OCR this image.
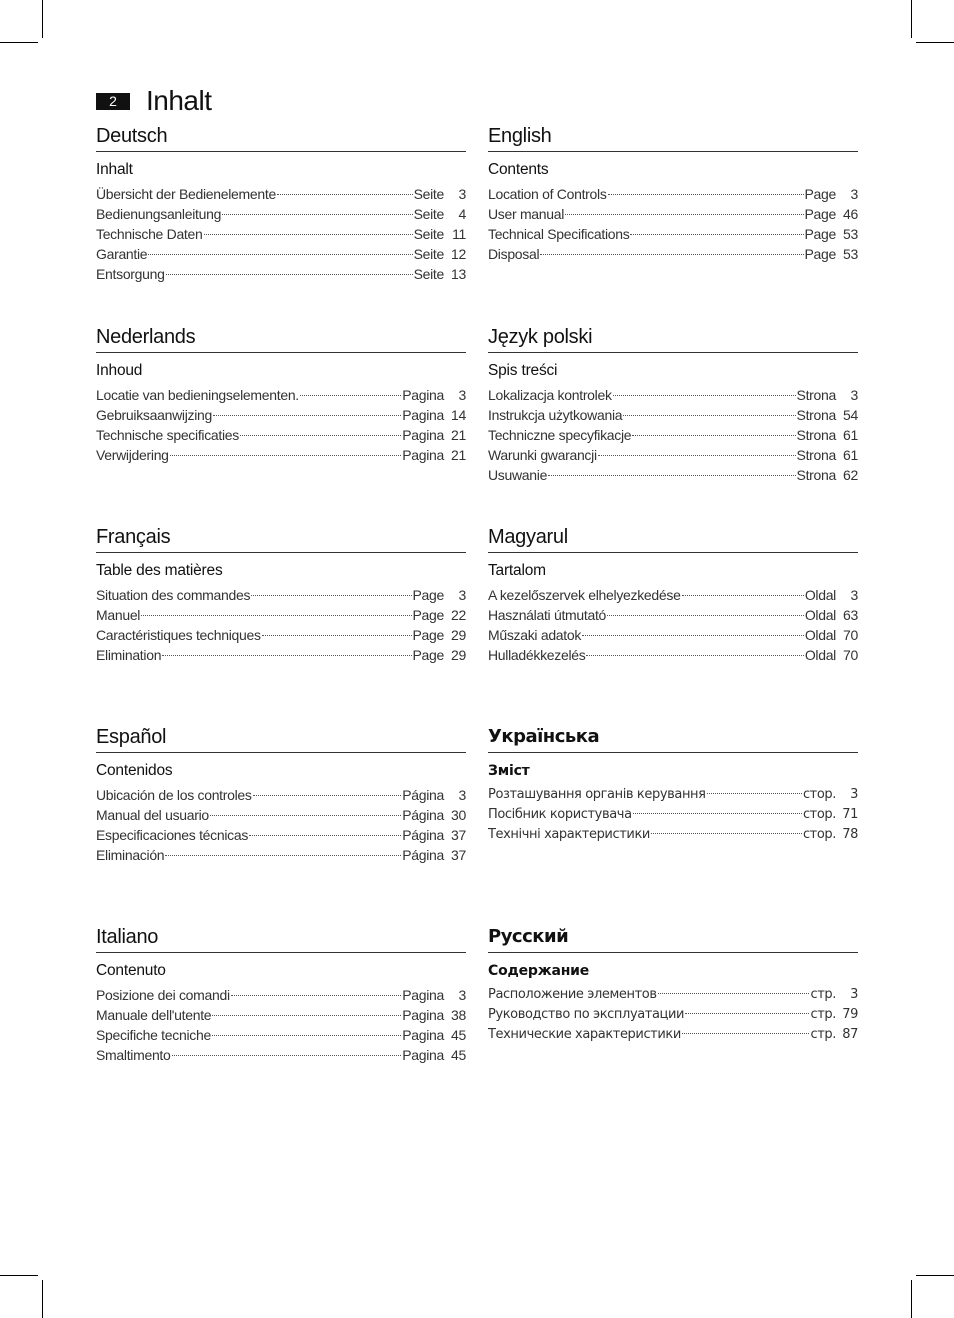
2	Inhalt
Deutsch
Inhalt
Übersicht der Bedienelemente	Seite	3
Bedienungsanleitung	Seite	4
Technische Daten	Seite 11
Garantie	Seite 12
Entsorgung	Seite 13
English
Contents
Location of Controls	Page	3
User manual	Page 46
Technical Specifications	Page 53
Disposal	Page 53
Nederlands
Inhoud
Locatie van bedieningselementen.	Pagina	3
Gebruiksaanwijzing	Pagina 14
Technische specificaties	Pagina 21
Verwijdering	Pagina 21
Język polski
Spis treści
Lokalizacja kontrolek	Strona	3
Instrukcja użytkowania	Strona 54
Techniczne specyfikacje	Strona 61
Warunki gwarancji	Strona 61
Usuwanie	Strona 62
Français
Table des matières
Situation des commandes	Page	3
Manuel	Page 22
Caractéristiques techniques	Page 29
Elimination	Page 29
Magyarul
Tartalom
A kezelőszervek elhelyezkedése	Oldal	3
Használati útmutató	Oldal 63
Műszaki adatok	Oldal 70
Hulladékkezelés	Oldal 70
Español
Contenidos
Ubicación de los controles	Página	3
Manual del usuario	Página 30
Especificaciones técnicas	Página 37
Eliminación	Página 37
Українська
Зміст
Розташування органів керування	стор.	3
Посібник користувача	стор. 71
Технічні характеристики	стор. 78
Italiano
Contenuto
Posizione dei comandi	Pagina	3
Manuale dell'utente	Pagina 38
Specifiche tecniche	Pagina 45
Smaltimento	Pagina 45
Русский
Содержание
Расположение элементов	стр.	3
Руководство по эксплуатации	стр. 79
Технические характеристики	стр. 87
